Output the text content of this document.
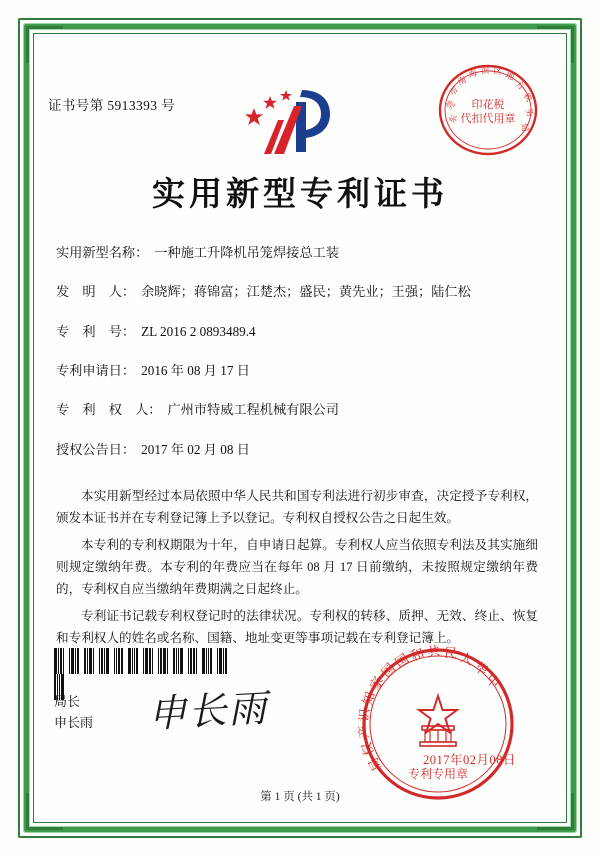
证书号第 5913393 号	印花税
代扣代用章
东
莞
市
南
海 滨 区 地
方
税
务
局
实用新型专利证书
实用新型名称： 一种施工升降机吊笼焊接总工装
发　明　人： 余晓辉；蒋锦富；江楚杰；盛民；黄先业；王强；陆仁松
专　利　号： ZL 2016 2 0893489.4
专利申请日： 2016 年 08 月 17 日
专　利　权　人： 广州市特威工程机械有限公司
授权公告日： 2017 年 02 月 08 日
本实用新型经过本局依照中华人民共和国专利法进行初步审查，决定授予专利权，颁发本证书并在专利登记簿上予以登记。专利权自授权公告之日起生效。
本专利的专利权期限为十年，自申请日起算。专利权人应当依照专利法及其实施细则规定缴纳年费。本专利的年费应当在每年 08 月 17 日前缴纳，未按照规定缴纳年费的，专利权自应当缴纳年费期满之日起终止。
专利证书记载专利权登记时的法律状况。专利权的转移、质押、无效、终止、恢复和专利权人的姓名或名称、国籍、地址变更等事项记载在专利登记簿上。

局长
申长雨 申长雨
局
权
产
识
知
家
国
国
和 共 民 人
华
中
专利专用章
2017年02月08日
第 1 页 (共 1 页)
